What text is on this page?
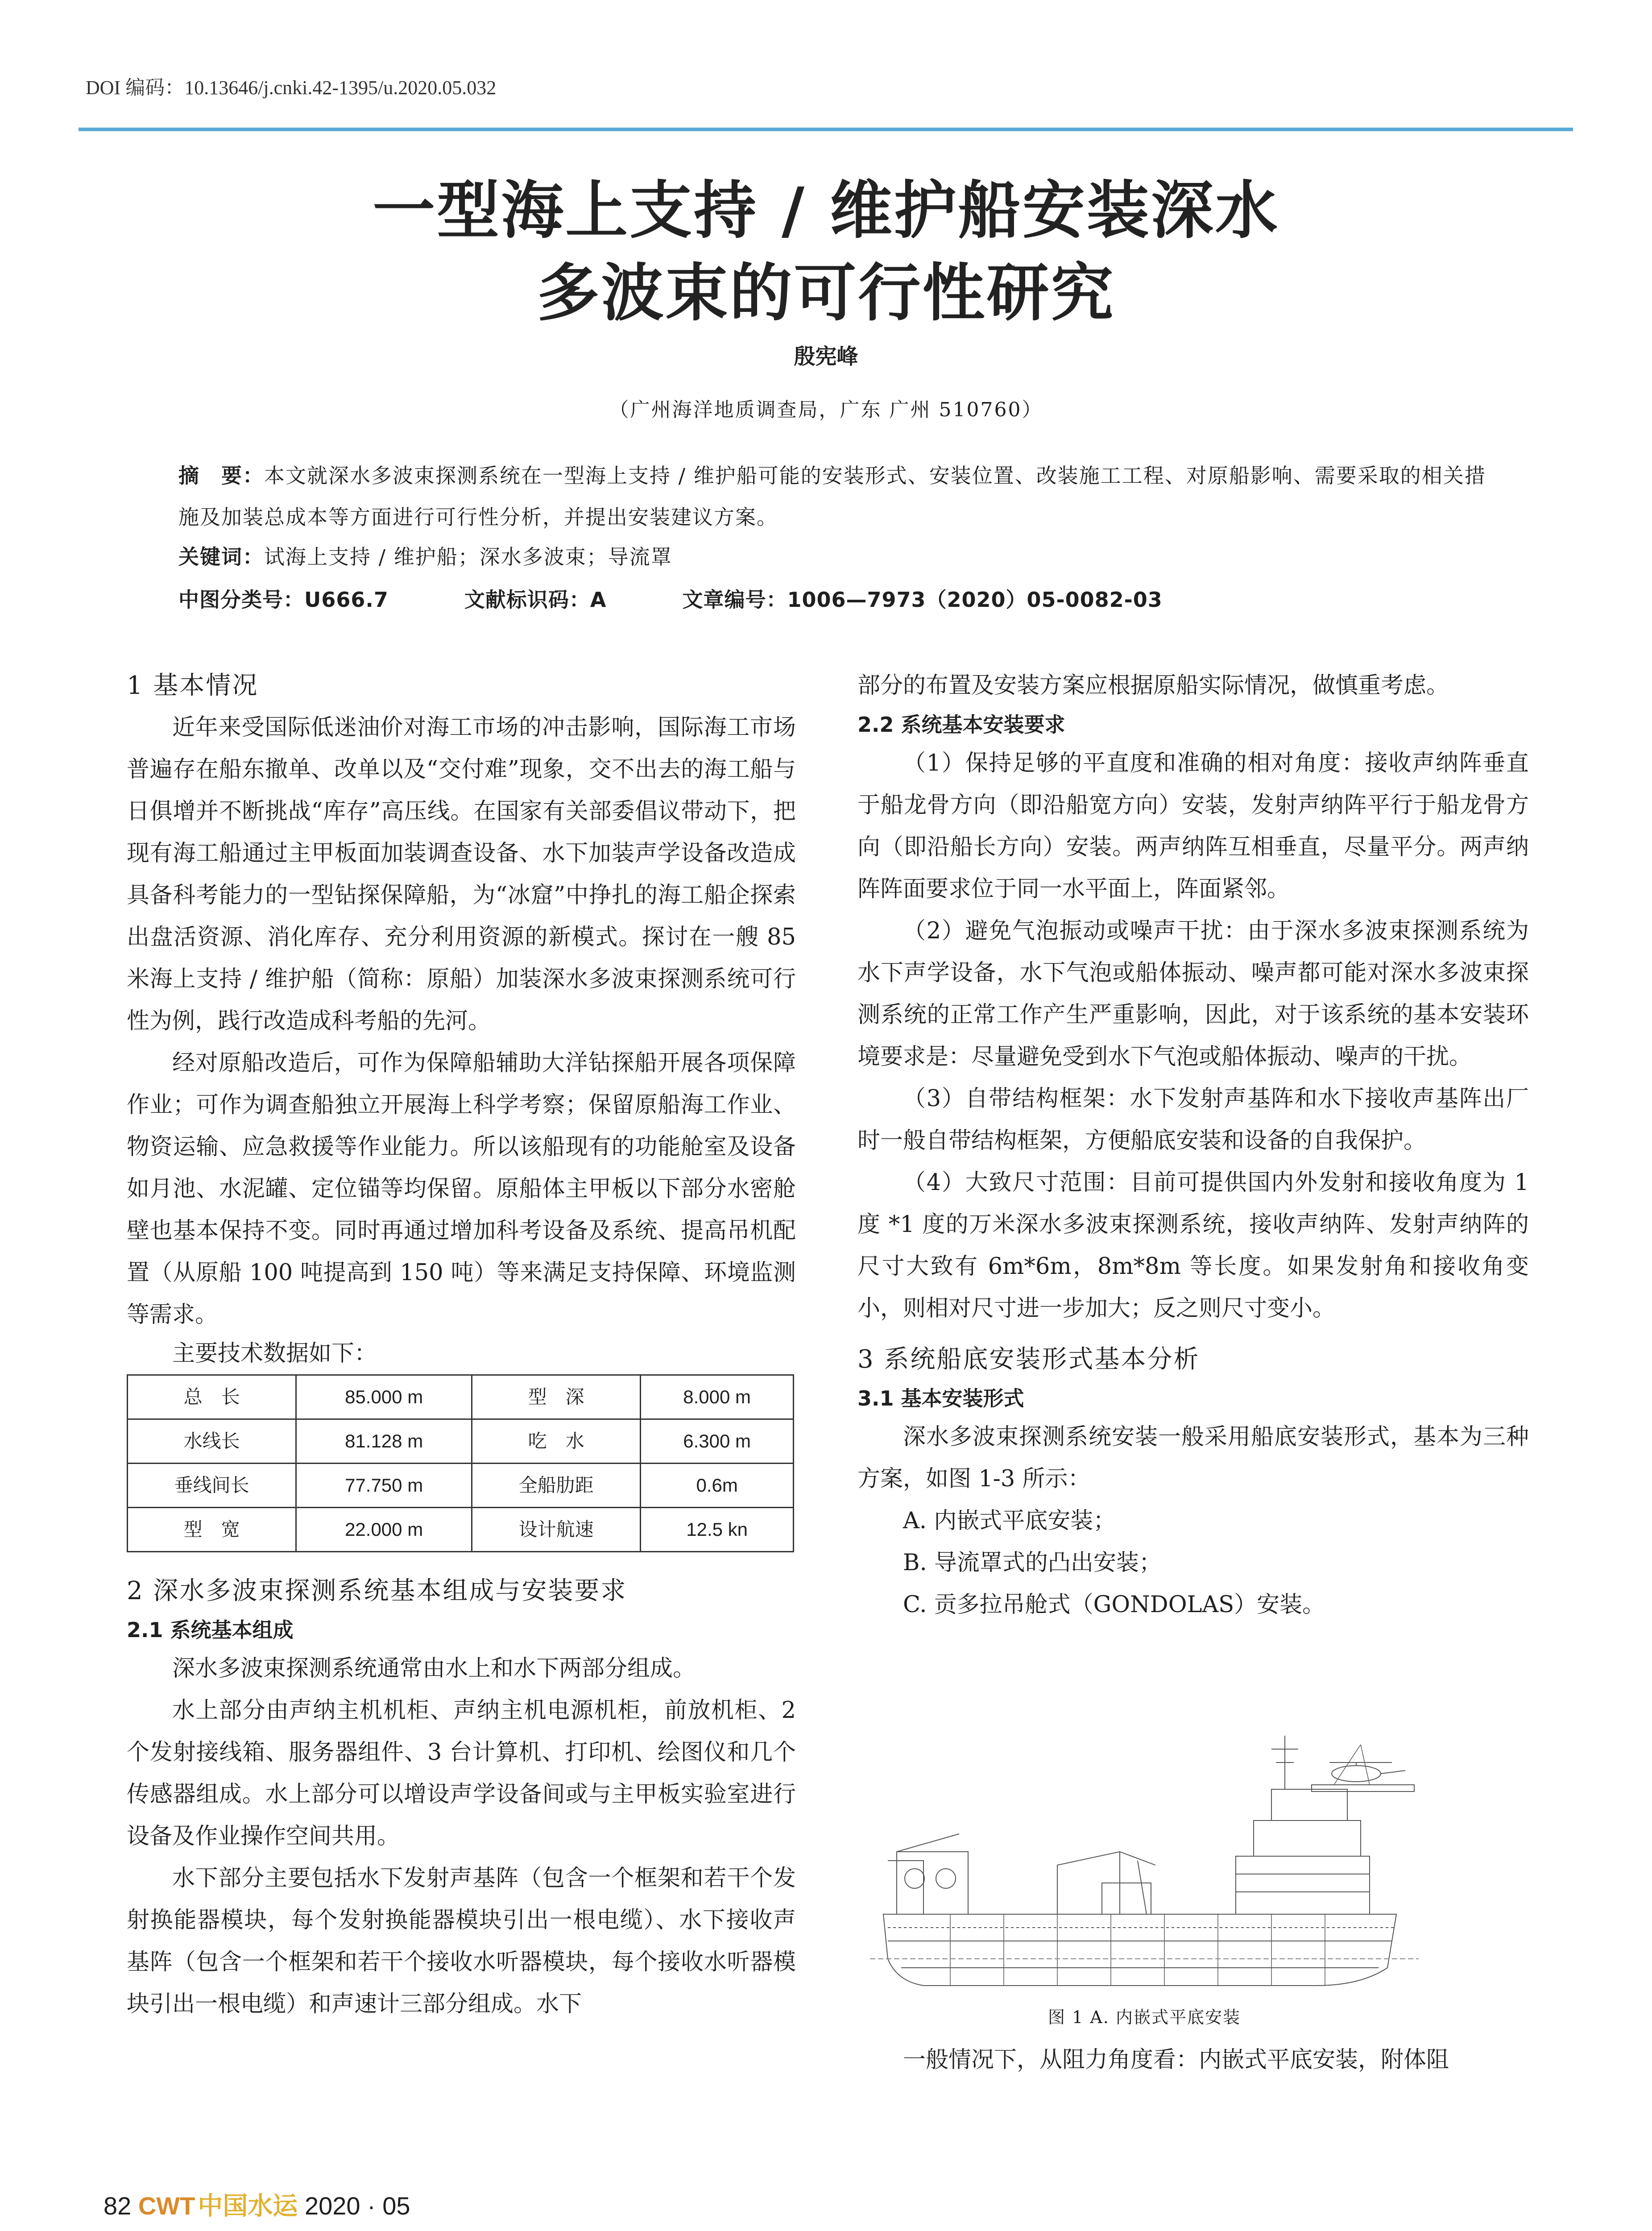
DOI 编码：10.13646/j.cnki.42-1395/u.2020.05.032
一型海上支持 / 维护船安装深水
多波束的可行性研究
殷宪峰
（广州海洋地质调查局，广东 广州 510760）
摘　要：本文就深水多波束探测系统在一型海上支持 / 维护船可能的安装形式、安装位置、改装施工工程、对原船影响、需要采取的相关措施及加装总成本等方面进行可行性分析，并提出安装建议方案。
关键词：试海上支持 / 维护船；深水多波束；导流罩
中图分类号：U666.7	文献标识码：A	文章编号：1006—7973（2020）05-0082-03
1 基本情况

近年来受国际低迷油价对海工市场的冲击影响，国际海工市场普遍存在船东撤单、改单以及“交付难”现象，交不出去的海工船与日俱增并不断挑战“库存”高压线。在国家有关部委倡议带动下，把现有海工船通过主甲板面加装调查设备、水下加装声学设备改造成具备科考能力的一型钻探保障船，为“冰窟”中挣扎的海工船企探索出盘活资源、消化库存、充分利用资源的新模式。探讨在一艘 85 米海上支持 / 维护船（简称：原船）加装深水多波束探测系统可行性为例，践行改造成科考船的先河。

经对原船改造后，可作为保障船辅助大洋钻探船开展各项保障作业；可作为调查船独立开展海上科学考察；保留原船海工作业、物资运输、应急救援等作业能力。所以该船现有的功能舱室及设备如月池、水泥罐、定位锚等均保留。原船体主甲板以下部分水密舱壁也基本保持不变。同时再通过增加科考设备及系统、提高吊机配置（从原船 100 吨提高到 150 吨）等来满足支持保障、环境监测等需求。

主要技术数据如下：

总　长	85.000 m	型　深	8.000 m
水线长	81.128 m	吃　水	6.300 m
垂线间长	77.750 m	全船肋距	0.6m
型　宽	22.000 m	设计航速	12.5 kn
2 深水多波束探测系统基本组成与安装要求
2.1 系统基本组成

深水多波束探测系统通常由水上和水下两部分组成。

水上部分由声纳主机机柜、声纳主机电源机柜，前放机柜、2 个发射接线箱、服务器组件、3 台计算机、打印机、绘图仪和几个传感器组成。水上部分可以增设声学设备间或与主甲板实验室进行设备及作业操作空间共用。

水下部分主要包括水下发射声基阵（包含一个框架和若干个发射换能器模块，每个发射换能器模块引出一根电缆）、水下接收声基阵（包含一个框架和若干个接收水听器模块，每个接收水听器模块引出一根电缆）和声速计三部分组成。水下

部分的布置及安装方案应根据原船实际情况，做慎重考虑。

2.2 系统基本安装要求

（1）保持足够的平直度和准确的相对角度：接收声纳阵垂直于船龙骨方向（即沿船宽方向）安装，发射声纳阵平行于船龙骨方向（即沿船长方向）安装。两声纳阵互相垂直，尽量平分。两声纳阵阵面要求位于同一水平面上，阵面紧邻。

（2）避免气泡振动或噪声干扰：由于深水多波束探测系统为水下声学设备，水下气泡或船体振动、噪声都可能对深水多波束探测系统的正常工作产生严重影响，因此，对于该系统的基本安装环境要求是：尽量避免受到水下气泡或船体振动、噪声的干扰。

（3）自带结构框架：水下发射声基阵和水下接收声基阵出厂时一般自带结构框架，方便船底安装和设备的自我保护。

（4）大致尺寸范围：目前可提供国内外发射和接收角度为 1 度 *1 度的万米深水多波束探测系统，接收声纳阵、发射声纳阵的尺寸大致有 6m*6m，8m*8m 等长度。如果发射角和接收角变小，则相对尺寸进一步加大；反之则尺寸变小。

3 系统船底安装形式基本分析
3.1 基本安装形式

深水多波束探测系统安装一般采用船底安装形式，基本为三种方案，如图 1-3 所示：

A. 内嵌式平底安装；

B. 导流罩式的凸出安装；

C. 贡多拉吊舱式（GONDOLAS）安装。

图 1 A. 内嵌式平底安装

一般情况下，从阻力角度看：内嵌式平底安装，附体阻

82 CWT 中国水运 2020 · 05
